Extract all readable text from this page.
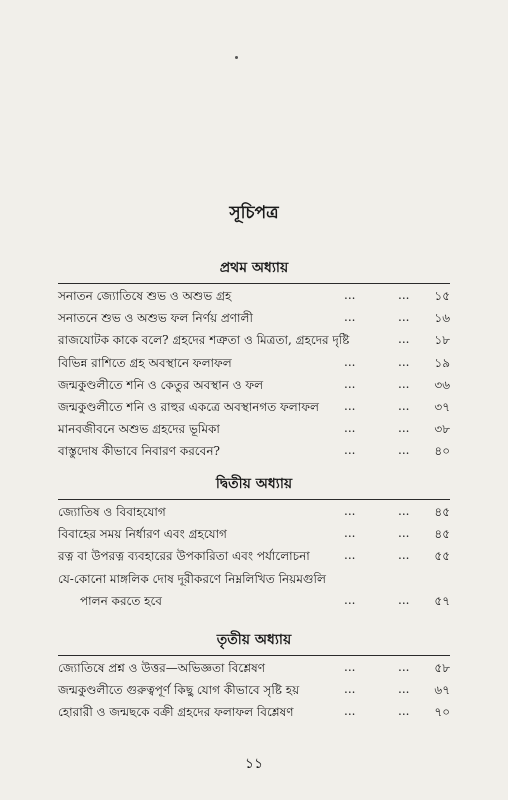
সূচিপত্র
প্রথম অধ্যায়
দ্বিতীয় অধ্যায়
তৃতীয় অধ্যায়
সনাতন জ্যোতিষে শুভ ও অশুভ গ্রহ	...	...	১৫
সনাতনে শুভ ও অশুভ ফল নির্ণয় প্রণালী	...	...	১৬
রাজযোটক কাকে বলে? গ্রহদের শত্রুতা ও মিত্রতা, গ্রহদের দৃষ্টি	...	১৮
বিভিন্ন রাশিতে গ্রহ অবস্থানে ফলাফল	...	...	১৯
জন্মকুণ্ডলীতে শনি ও কেতুর অবস্থান ও ফল	...	...	৩৬
জন্মকুণ্ডলীতে শনি ও রাহুর একত্রে অবস্থানগত ফলাফল ...	...	৩৭
মানবজীবনে অশুভ গ্রহদের ভূমিকা	...	...	৩৮
বাস্তুদোষ কীভাবে নিবারণ করবেন?	...	...	৪০
জ্যোতিষ ও বিবাহযোগ	...	...	৪৫
বিবাহের সময় নির্ধারণ এবং গ্রহযোগ	...	...	৪৫
রত্ন বা উপরত্ন ব্যবহারের উপকারিতা এবং পর্যালোচনা	...	...	৫৫
যে-কোনো মাঙ্গলিক দোষ দূরীকরণে নিম্নলিখিত নিয়মগুলি
পালন করতে হবে	...	...	৫৭
জ্যোতিষে প্রশ্ন ও উত্তর—অভিজ্ঞতা বিশ্লেষণ	...	...	৫৮
জন্মকুণ্ডলীতে গুরুত্বপূর্ণ কিছু যোগ কীভাবে সৃষ্টি হয়	...	...	৬৭
হোরারী ও জন্মছকে বক্রী গ্রহদের ফলাফল বিশ্লেষণ	...	...	৭০
১১
